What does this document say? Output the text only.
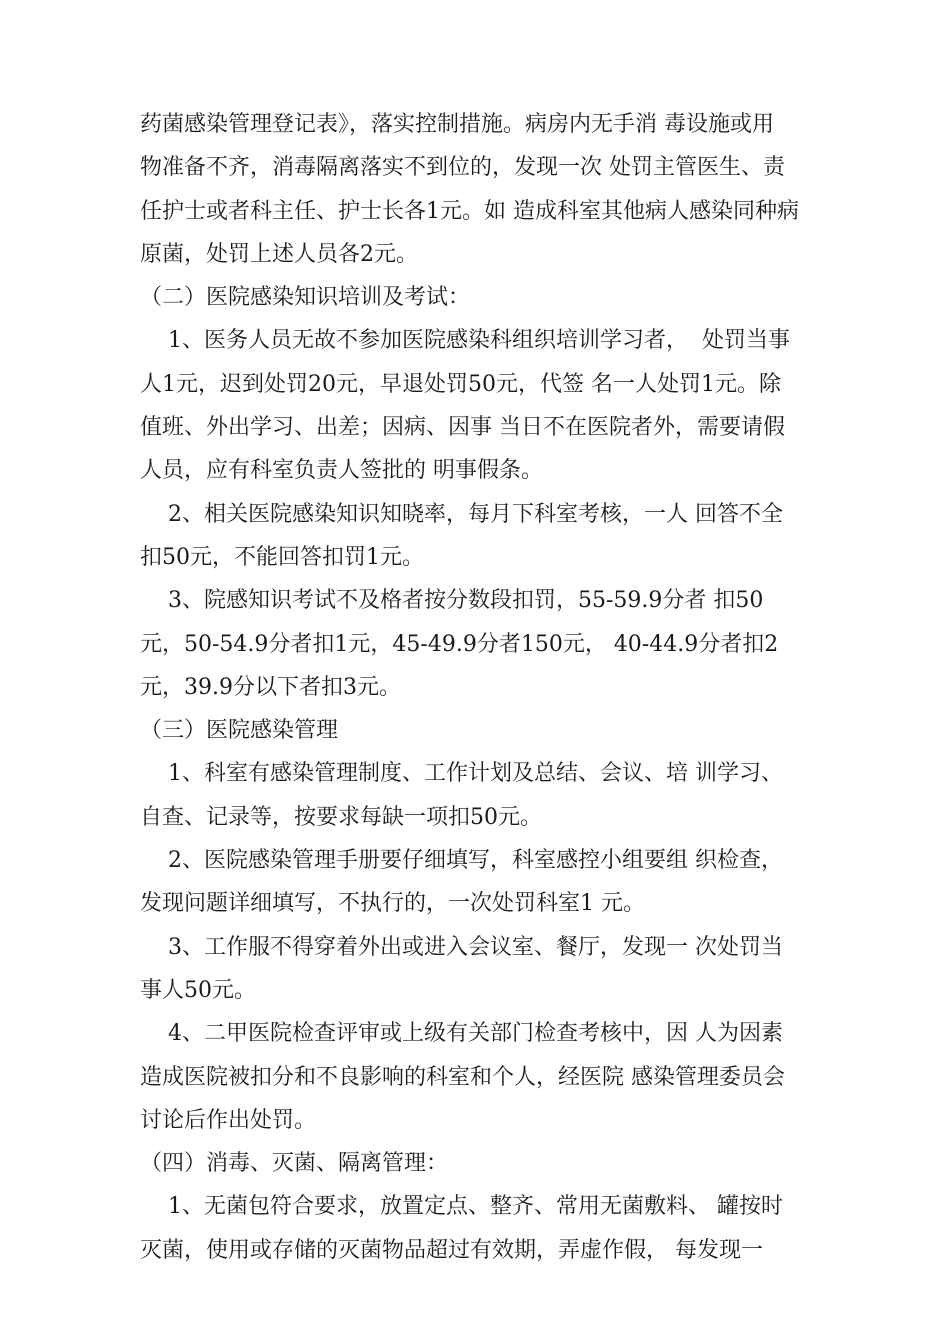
药菌感染管理登记表》，落实控制措施。病房内无手消 毒设施或用
物准备不齐，消毒隔离落实不到位的，发现一次 处罚主管医生、责
任护士或者科主任、护士长各1元。如 造成科室其他病人感染同种病
原菌，处罚上述人员各2元。
（二）医院感染知识培训及考试：
1、医务人员无故不参加医院感染科组织培训学习者，  处罚当事
人1元，迟到处罚20元，早退处罚50元，代签 名一人处罚1元。除
值班、外出学习、出差；因病、因事 当日不在医院者外，需要请假
人员，应有科室负责人签批的 明事假条。
2、相关医院感染知识知晓率，每月下科室考核，一人 回答不全
扣50元，不能回答扣罚1元。
3、院感知识考试不及格者按分数段扣罚，55-59.9分者 扣50
元，50-54.9分者扣1元，45-49.9分者150元， 40-44.9分者扣2
元，39.9分以下者扣3元。
（三）医院感染管理
1、科室有感染管理制度、工作计划及总结、会议、培 训学习、
自查、记录等，按要求每缺一项扣50元。
2、医院感染管理手册要仔细填写，科室感控小组要组 织检查，
发现问题详细填写，不执行的，一次处罚科室1 元。
3、工作服不得穿着外出或进入会议室、餐厅，发现一 次处罚当
事人50元。
4、二甲医院检查评审或上级有关部门检查考核中，因 人为因素
造成医院被扣分和不良影响的科室和个人，经医院 感染管理委员会
讨论后作出处罚。
（四）消毒、灭菌、隔离管理：
1、无菌包符合要求，放置定点、整齐、常用无菌敷料、 罐按时
灭菌，使用或存储的灭菌物品超过有效期，弄虚作假， 每发现一
